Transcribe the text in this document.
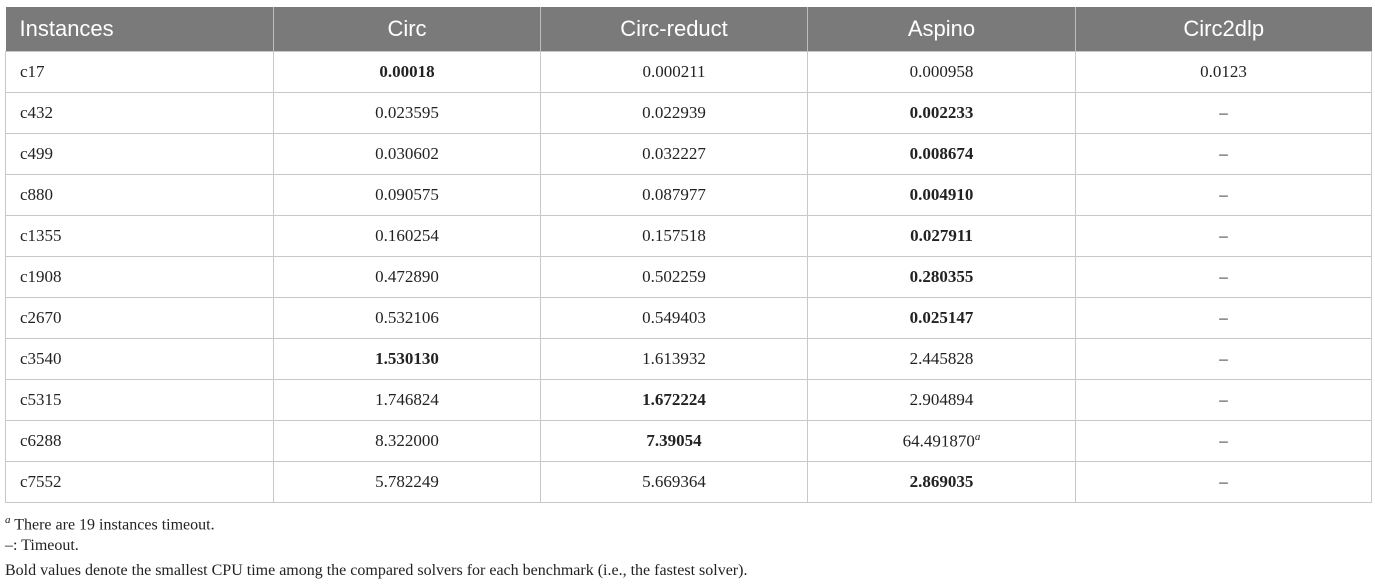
Instances	Circ	Circ-reduct	Aspino	Circ2dlp
c17	0.00018	0.000211	0.000958	0.0123
c432	0.023595	0.022939	0.002233	–
c499	0.030602	0.032227	0.008674	–
c880	0.090575	0.087977	0.004910	–
c1355	0.160254	0.157518	0.027911	–
c1908	0.472890	0.502259	0.280355	–
c2670	0.532106	0.549403	0.025147	–
c3540	1.530130	1.613932	2.445828	–
c5315	1.746824	1.672224	2.904894	–
c6288	8.322000	7.39054	64.491870$^a$	–
c7552	5.782249	5.669364	2.869035	–
$^a$ There are 19 instances timeout.
–: Timeout.
Bold values denote the smallest CPU time among the compared solvers for each benchmark (i.e., the fastest solver).
